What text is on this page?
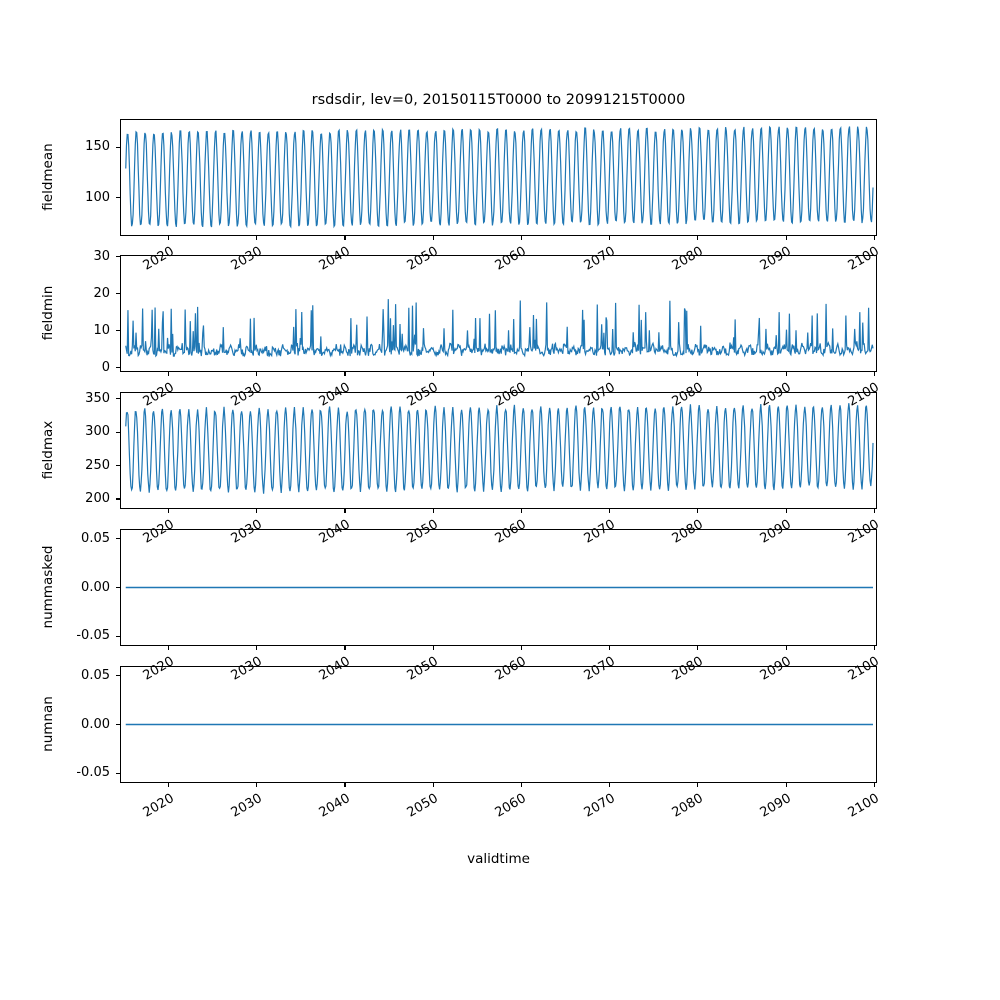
rsdsdir, lev=0, 20150115T0000 to 20991215T0000
validtime
fieldmean 100
150
2020	2030	2040	2050	2060	2070	2080	2090	2100
fieldmin
0
10
20
30
2020	2030	2040	2050	2060	2070	2080	2090	2100
fieldmax
200
250
300
350
2020	2030	2040	2050	2060	2070	2080	2090	2100
nummasked
-0.05
0.00
0.05
2020	2030	2040	2050	2060	2070	2080	2090	2100
numnan
-0.05
0.00
0.05
2020	2030	2040	2050	2060	2070	2080	2090	2100
